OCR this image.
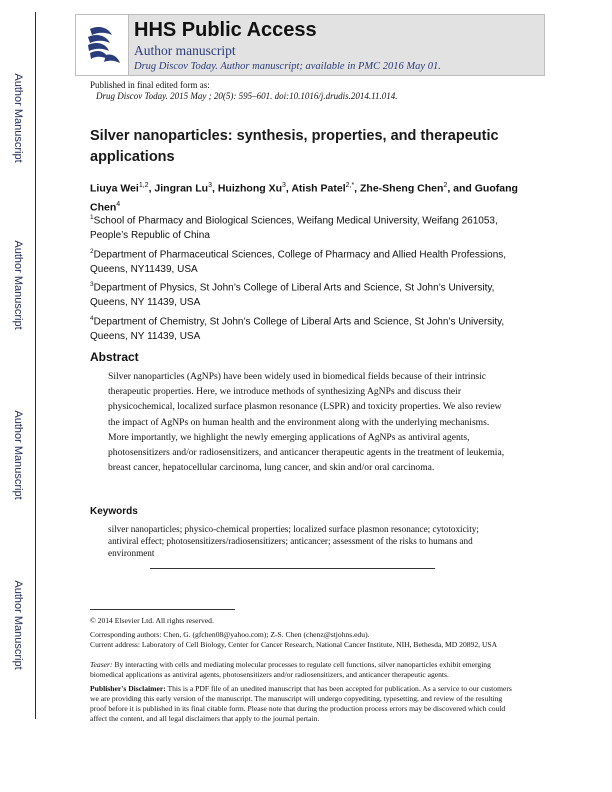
Author Manuscript
Author Manuscript
Author Manuscript
Author Manuscript
HHS Public Access
Author manuscript
Drug Discov Today. Author manuscript; available in PMC 2016 May 01.
Published in final edited form as:
Drug Discov Today. 2015 May ; 20(5): 595–601. doi:10.1016/j.drudis.2014.11.014.
Silver nanoparticles: synthesis, properties, and therapeutic applications
Liuya Wei$^{1,2}$, Jingran Lu$^3$, Huizhong Xu$^3$, Atish Patel$^{2,*}$, Zhe-Sheng Chen$^2$, and Guofang Chen$^4$
$^1$School of Pharmacy and Biological Sciences, Weifang Medical University, Weifang 261053, People’s Republic of China
$^2$Department of Pharmaceutical Sciences, College of Pharmacy and Allied Health Professions, Queens, NY11439, USA
$^3$Department of Physics, St John’s College of Liberal Arts and Science, St John’s University, Queens, NY 11439, USA
$^4$Department of Chemistry, St John’s College of Liberal Arts and Science, St John’s University, Queens, NY 11439, USA
Abstract
Silver nanoparticles (AgNPs) have been widely used in biomedical fields because of their intrinsic therapeutic properties. Here, we introduce methods of synthesizing AgNPs and discuss their physicochemical, localized surface plasmon resonance (LSPR) and toxicity properties. We also review the impact of AgNPs on human health and the environment along with the underlying mechanisms. More importantly, we highlight the newly emerging applications of AgNPs as antiviral agents, photosensitizers and/or radiosensitizers, and anticancer therapeutic agents in the treatment of leukemia, breast cancer, hepatocellular carcinoma, lung cancer, and skin and/or oral carcinoma.
Keywords
silver nanoparticles; physico-chemical properties; localized surface plasmon resonance; cytotoxicity; antiviral effect; photosensitizers/radiosensitizers; anticancer; assessment of the risks to humans and environment
© 2014 Elsevier Ltd. All rights reserved.
Corresponding authors: Chen, G. (gfchen08@yahoo.com); Z-S. Chen (chenz@stjohns.edu).
Current address: Laboratory of Cell Biology, Center for Cancer Research, National Cancer Institute, NIH, Bethesda, MD 20892, USA
Teaser: By interacting with cells and mediating molecular processes to regulate cell functions, silver nanoparticles exhibit emerging biomedical applications as antiviral agents, photosensitizers and/or radiosensitizers, and anticancer therapeutic agents.
Publisher's Disclaimer: This is a PDF file of an unedited manuscript that has been accepted for publication. As a service to our customers we are providing this early version of the manuscript. The manuscript will undergo copyediting, typesetting, and review of the resulting proof before it is published in its final citable form. Please note that during the production process errors may be discovered which could affect the content, and all legal disclaimers that apply to the journal pertain.
